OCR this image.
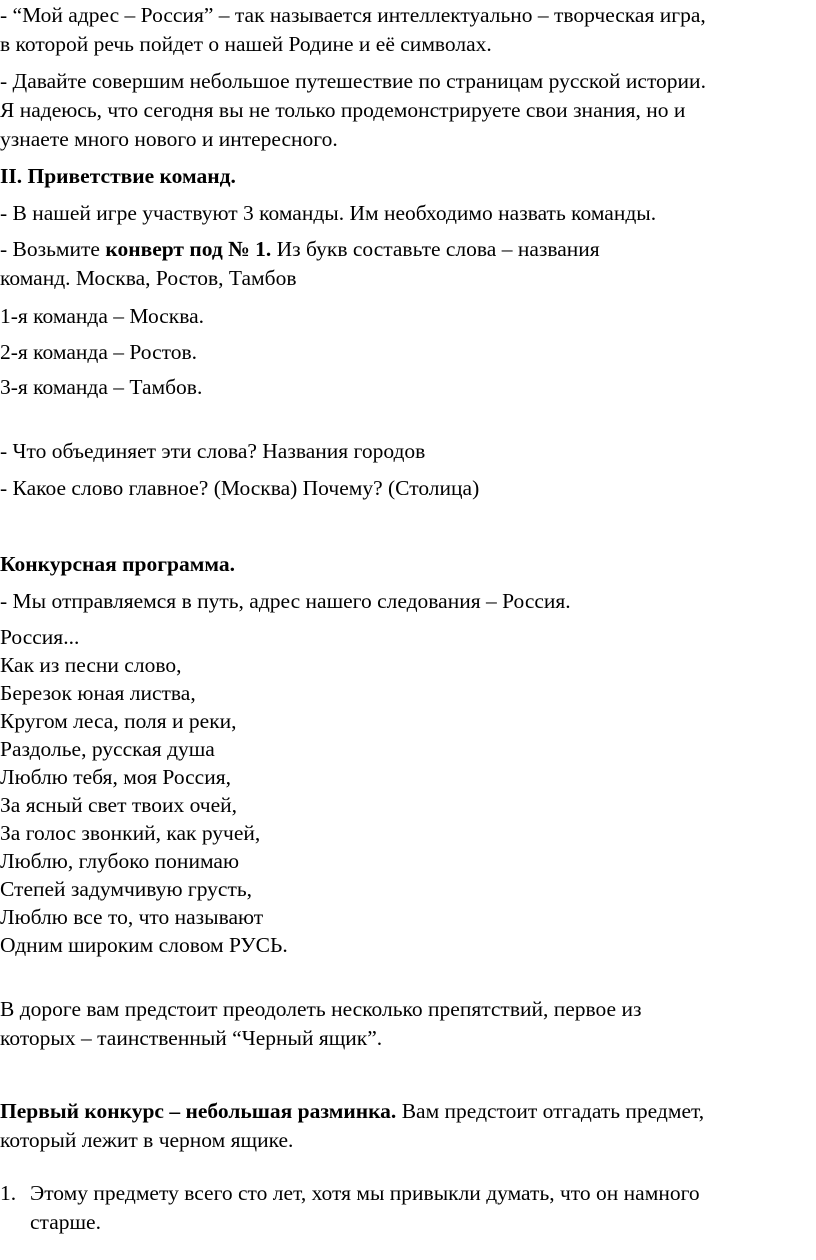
- “Мой адрес – Россия” – так называется интеллектуально – творческая игра,
в которой речь пойдет о нашей Родине и её символах.

- Давайте совершим небольшое путешествие по страницам русской истории.
Я надеюсь, что сегодня вы не только продемонстрируете свои знания, но и
узнаете много нового и интересного.

II. Приветствие команд.

- В нашей игре участвуют 3 команды. Им необходимо назвать команды.

- Возьмите конверт под № 1. Из букв составьте слова – названия
команд. Москва, Ростов, Тамбов

1-я команда – Москва.

2-я команда – Ростов.

3-я команда – Тамбов.

- Что объединяет эти слова? Названия городов

- Какое слово главное? (Москва) Почему? (Столица)

Конкурсная программа.

- Мы отправляемся в путь, адрес нашего следования – Россия.

Россия...
Как из песни слово,
Березок юная листва,
Кругом леса, поля и реки,
Раздолье, русская душа
Люблю тебя, моя Россия,
За ясный свет твоих очей,
За голос звонкий, как ручей,
Люблю, глубоко понимаю
Степей задумчивую грусть,
Люблю все то, что называют
Одним широким словом РУСЬ.

В дороге вам предстоит преодолеть несколько препятствий, первое из
которых – таинственный “Черный ящик”.

Первый конкурс – небольшая разминка. Вам предстоит отгадать предмет,
который лежит в черном ящике.

1. Этому предмету всего сто лет, хотя мы привыкли думать, что он намного
старше.
